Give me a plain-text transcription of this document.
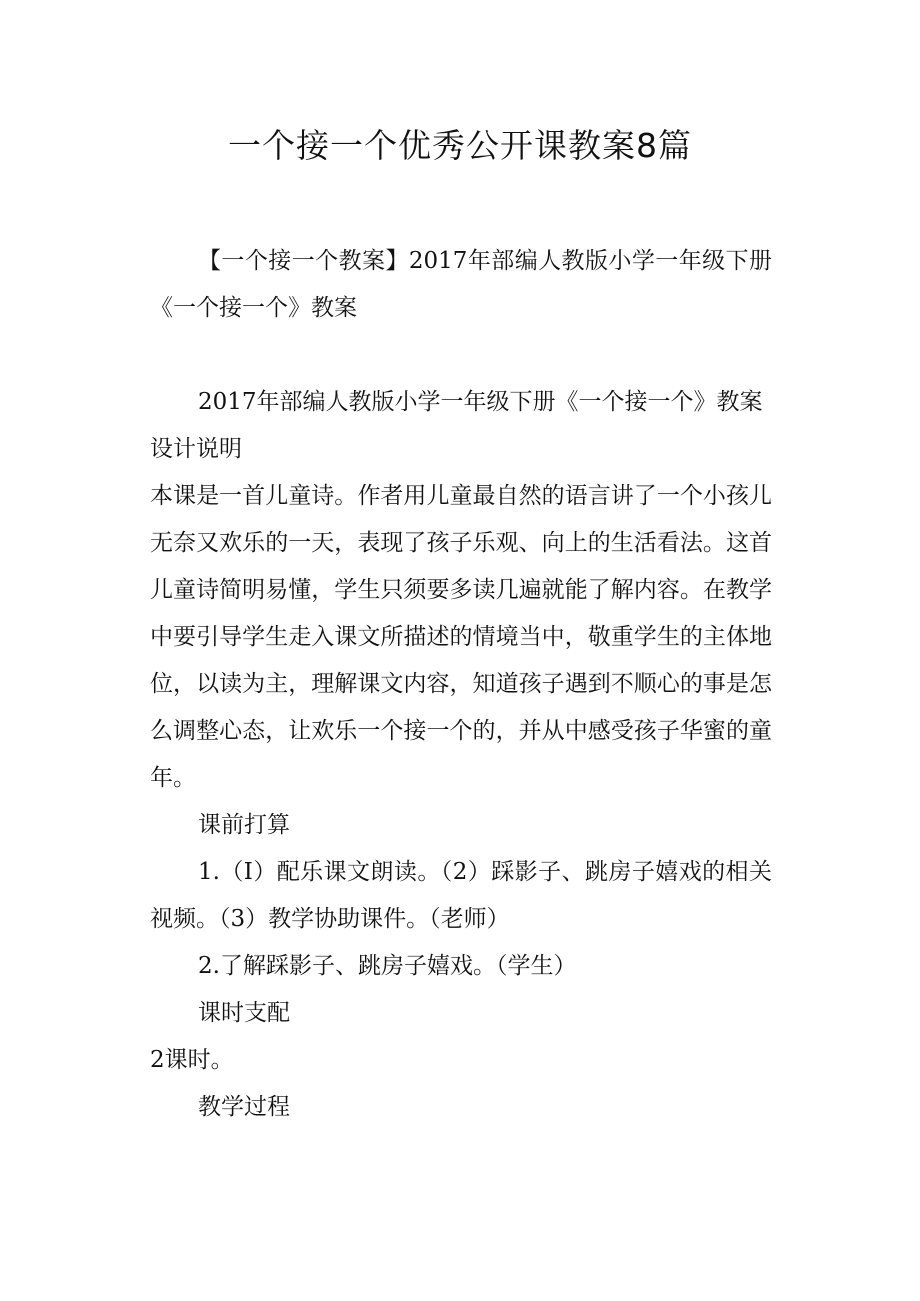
一个接一个优秀公开课教案8篇

【一个接一个教案】2017年部编人教版小学一年级下册《一个接一个》教案

2017年部编人教版小学一年级下册《一个接一个》教案

设计说明

本课是一首儿童诗。作者用儿童最自然的语言讲了一个小孩儿无奈又欢乐的一天，表现了孩子乐观、向上的生活看法。这首儿童诗简明易懂，学生只须要多读几遍就能了解内容。在教学中要引导学生走入课文所描述的情境当中，敬重学生的主体地位，以读为主，理解课文内容，知道孩子遇到不顺心的事是怎么调整心态，让欢乐一个接一个的，并从中感受孩子华蜜的童年。

课前打算

1.（I）配乐课文朗读。（2）踩影子、跳房子嬉戏的相关视频。（3）教学协助课件。（老师）

2.了解踩影子、跳房子嬉戏。（学生）

课时支配

2课时。

教学过程
